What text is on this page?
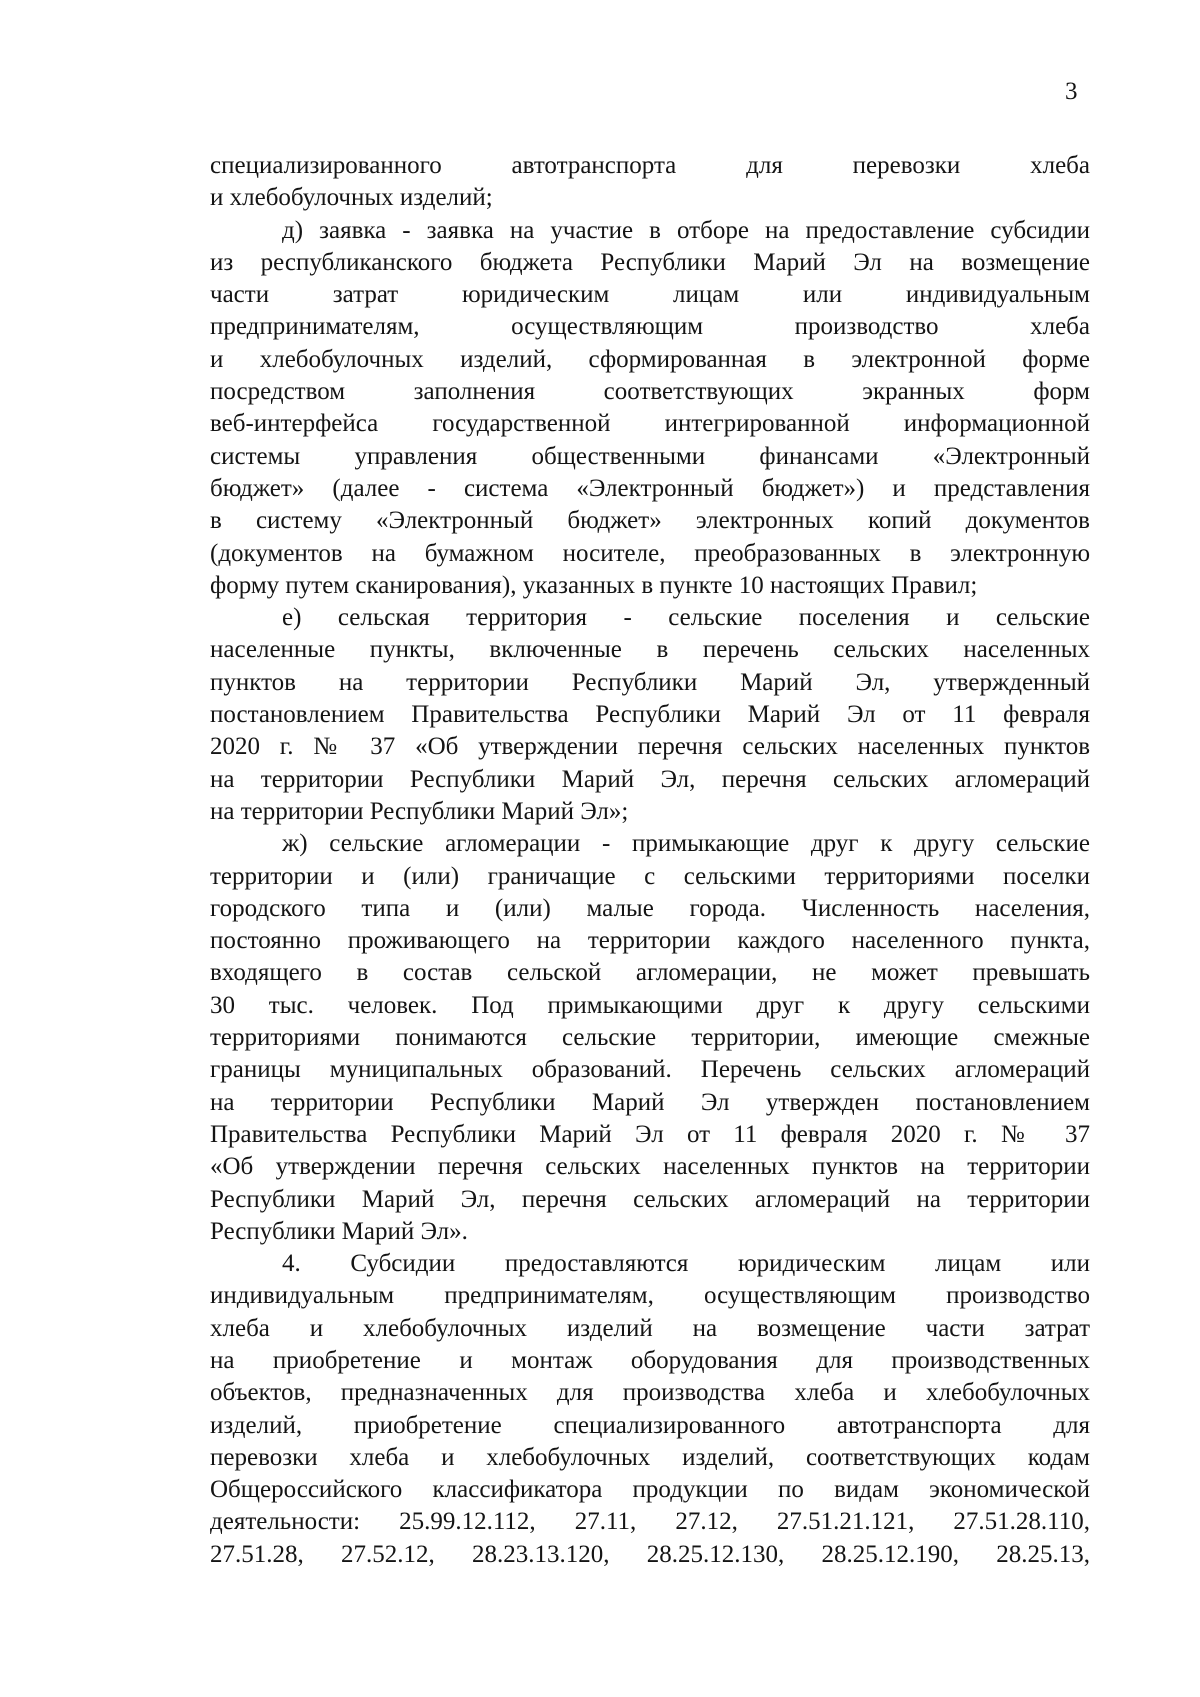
3
специализированного автотранспорта для перевозки хлеба
и хлебобулочных изделий;
д) заявка - заявка на участие в отборе на предоставление субсидии
из республиканского бюджета Республики Марий Эл на возмещение
части затрат юридическим лицам или индивидуальным
предпринимателям, осуществляющим производство хлеба
и хлебобулочных изделий, сформированная в электронной форме
посредством заполнения соответствующих экранных форм
веб-интерфейса государственной интегрированной информационной
системы управления общественными финансами «Электронный
бюджет» (далее - система «Электронный бюджет») и представления
в систему «Электронный бюджет» электронных копий документов
(документов на бумажном носителе, преобразованных в электронную
форму путем сканирования), указанных в пункте 10 настоящих Правил;
е) сельская территория - сельские поселения и сельские
населенные пункты, включенные в перечень сельских населенных
пунктов на территории Республики Марий Эл, утвержденный
постановлением Правительства Республики Марий Эл от 11 февраля
2020 г. № 37 «Об утверждении перечня сельских населенных пунктов
на территории Республики Марий Эл, перечня сельских агломераций
на территории Республики Марий Эл»;
ж) сельские агломерации - примыкающие друг к другу сельские
территории и (или) граничащие с сельскими территориями поселки
городского типа и (или) малые города. Численность населения,
постоянно проживающего на территории каждого населенного пункта,
входящего в состав сельской агломерации, не может превышать
30 тыс. человек. Под примыкающими друг к другу сельскими
территориями понимаются сельские территории, имеющие смежные
границы муниципальных образований. Перечень сельских агломераций
на территории Республики Марий Эл утвержден постановлением
Правительства Республики Марий Эл от 11 февраля 2020 г. № 37
«Об утверждении перечня сельских населенных пунктов на территории
Республики Марий Эл, перечня сельских агломераций на территории
Республики Марий Эл».
4. Субсидии предоставляются юридическим лицам или
индивидуальным предпринимателям, осуществляющим производство
хлеба и хлебобулочных изделий на возмещение части затрат
на приобретение и монтаж оборудования для производственных
объектов, предназначенных для производства хлеба и хлебобулочных
изделий, приобретение специализированного автотранспорта для
перевозки хлеба и хлебобулочных изделий, соответствующих кодам
Общероссийского классификатора продукции по видам экономической
деятельности: 25.99.12.112, 27.11, 27.12, 27.51.21.121, 27.51.28.110,
27.51.28, 27.52.12, 28.23.13.120, 28.25.12.130, 28.25.12.190, 28.25.13,
